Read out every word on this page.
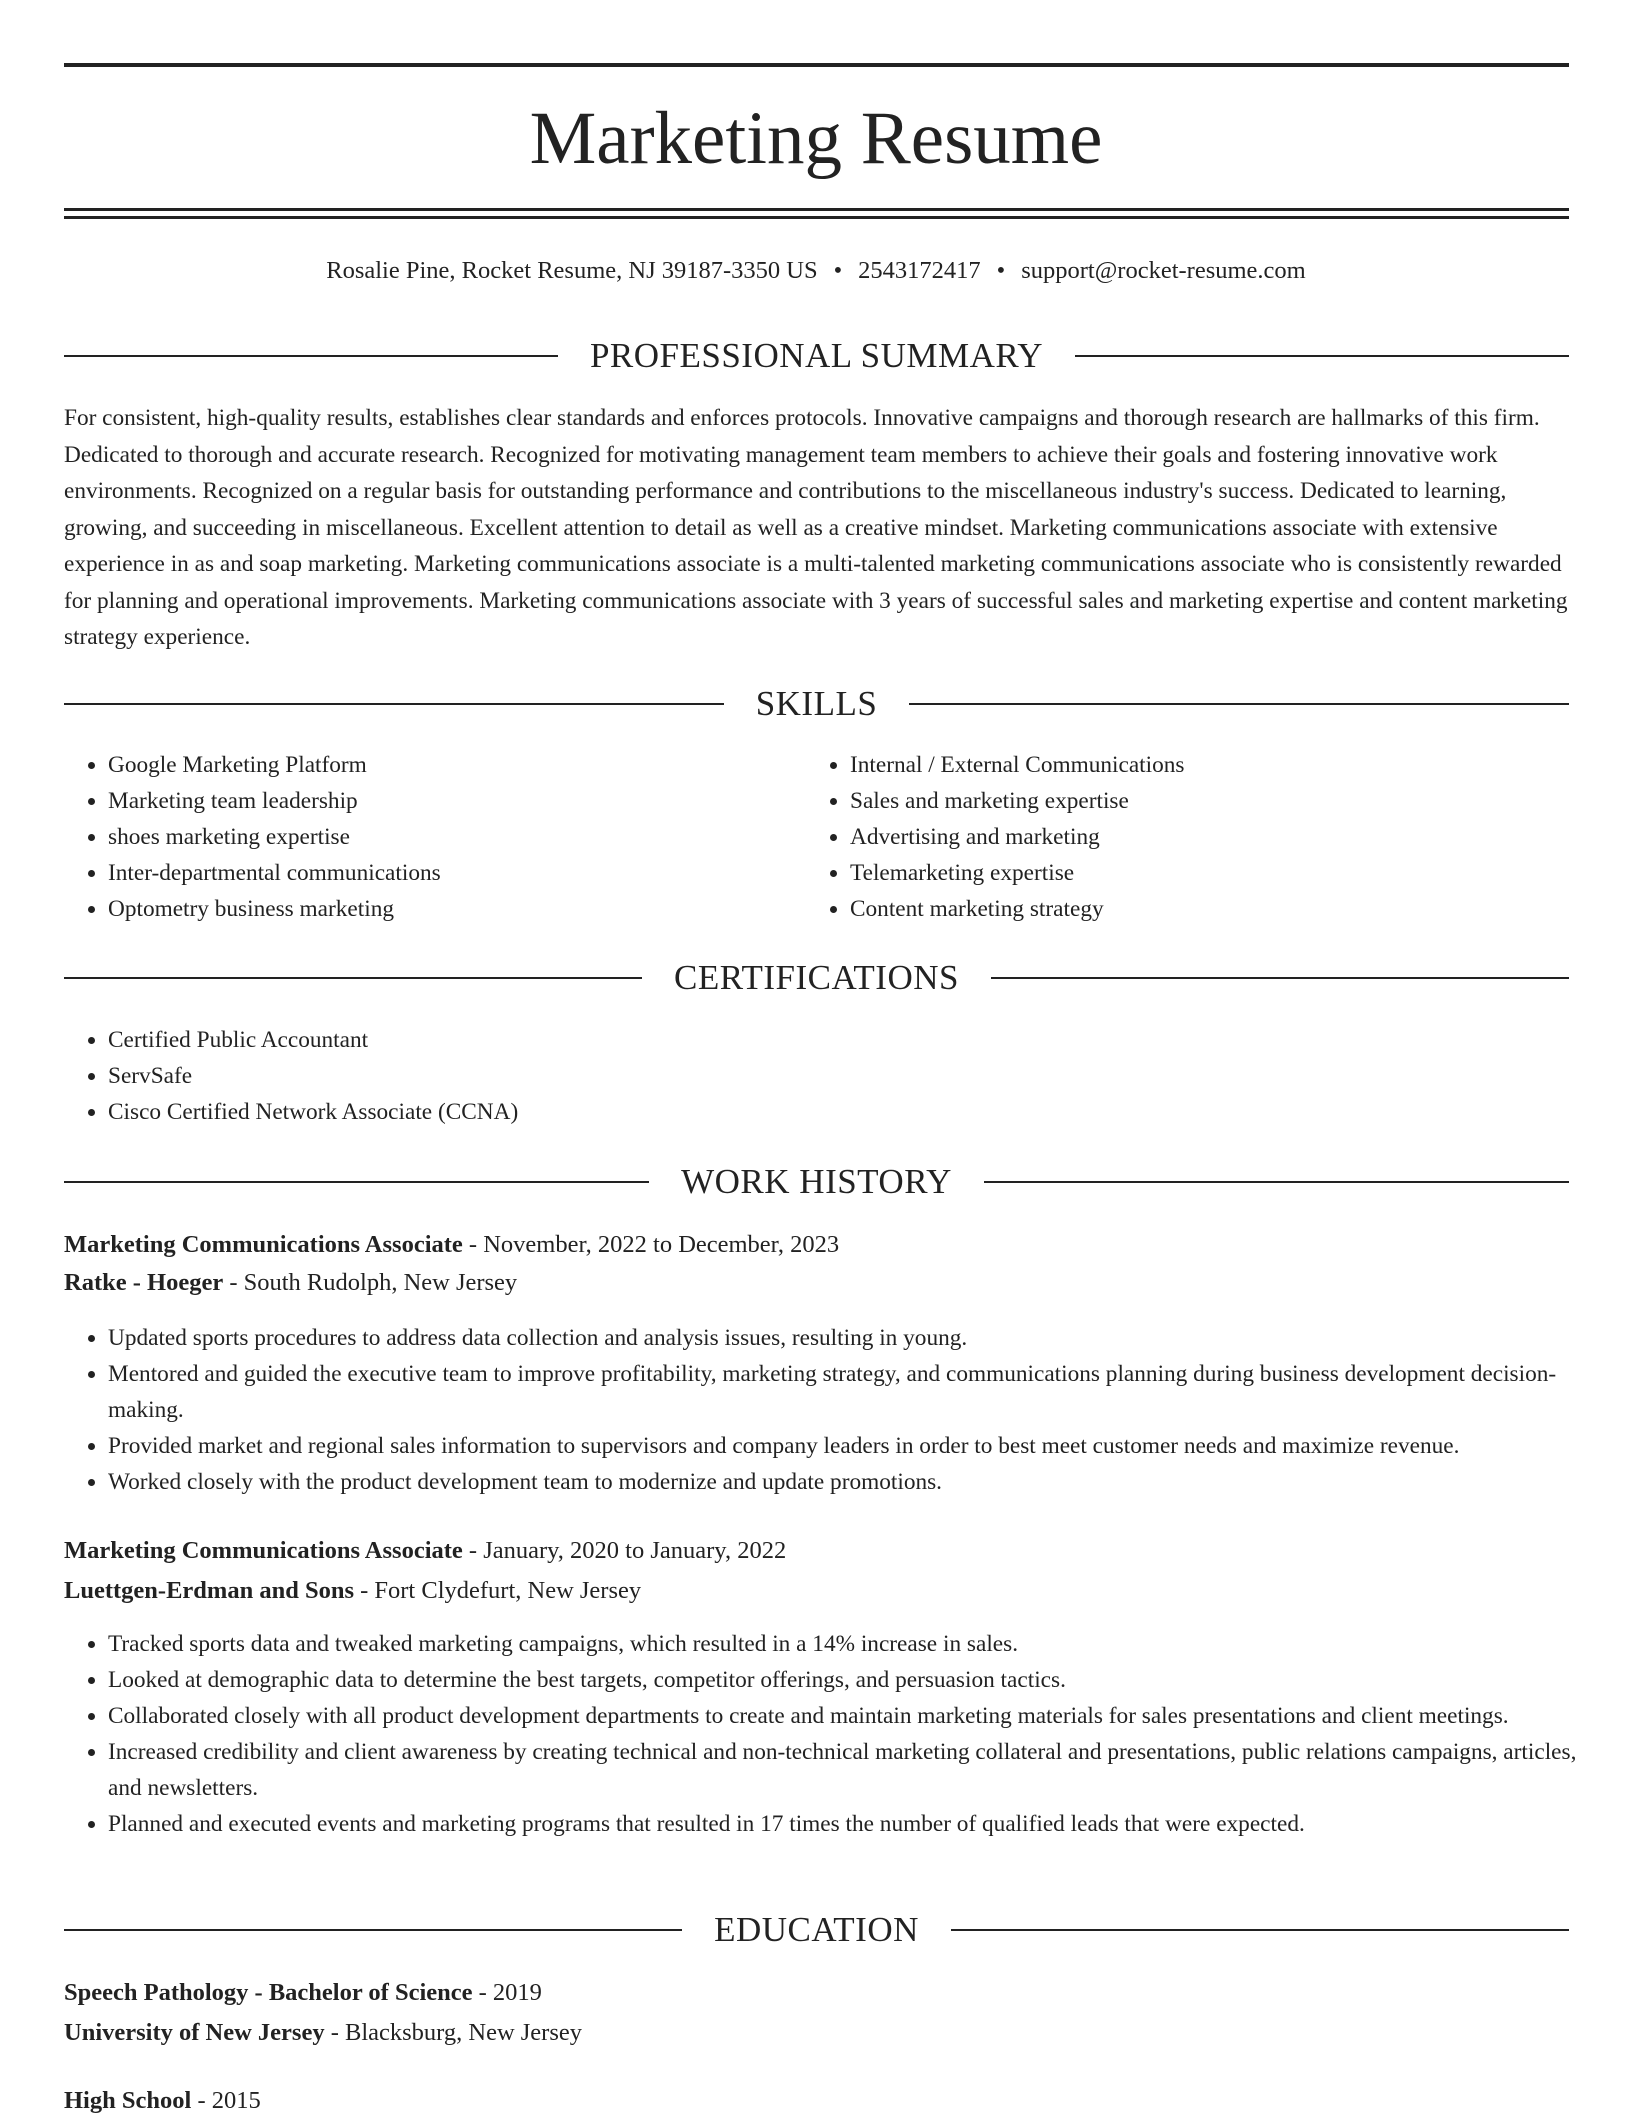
Marketing Resume
Rosalie Pine, Rocket Resume, NJ 39187-3350 US • 2543172417 • support@rocket-resume.com
PROFESSIONAL SUMMARY

For consistent, high-quality results, establishes clear standards and enforces protocols. Innovative campaigns and thorough research are hallmarks of this firm. Dedicated to thorough and accurate research. Recognized for motivating management team members to achieve their goals and fostering innovative work environments. Recognized on a regular basis for outstanding performance and contributions to the miscellaneous industry's success. Dedicated to learning, growing, and succeeding in miscellaneous. Excellent attention to detail as well as a creative mindset. Marketing communications associate with extensive experience in as and soap marketing. Marketing communications associate is a multi-talented marketing communications associate who is consistently rewarded for planning and operational improvements. Marketing communications associate with 3 years of successful sales and marketing expertise and content marketing strategy experience.

SKILLS
• Google Marketing Platform
• Marketing team leadership
• shoes marketing expertise
• Inter-departmental communications
• Optometry business marketing
• Internal / External Communications
• Sales and marketing expertise
• Advertising and marketing
• Telemarketing expertise
• Content marketing strategy
CERTIFICATIONS
• Certified Public Accountant
• ServSafe
• Cisco Certified Network Associate (CCNA)
WORK HISTORY
Marketing Communications Associate - November, 2022 to December, 2023
Ratke - Hoeger - South Rudolph, New Jersey
• Updated sports procedures to address data collection and analysis issues, resulting in young.
• Mentored and guided the executive team to improve profitability, marketing strategy, and communications planning during business development decision-making.
• Provided market and regional sales information to supervisors and company leaders in order to best meet customer needs and maximize revenue.
• Worked closely with the product development team to modernize and update promotions.
Marketing Communications Associate - January, 2020 to January, 2022
Luettgen-Erdman and Sons - Fort Clydefurt, New Jersey
• Tracked sports data and tweaked marketing campaigns, which resulted in a 14% increase in sales.
• Looked at demographic data to determine the best targets, competitor offerings, and persuasion tactics.
• Collaborated closely with all product development departments to create and maintain marketing materials for sales presentations and client meetings.
• Increased credibility and client awareness by creating technical and non-technical marketing collateral and presentations, public relations campaigns, articles, and newsletters.
• Planned and executed events and marketing programs that resulted in 17 times the number of qualified leads that were expected.
EDUCATION
Speech Pathology - Bachelor of Science - 2019
University of New Jersey - Blacksburg, New Jersey
High School - 2015
